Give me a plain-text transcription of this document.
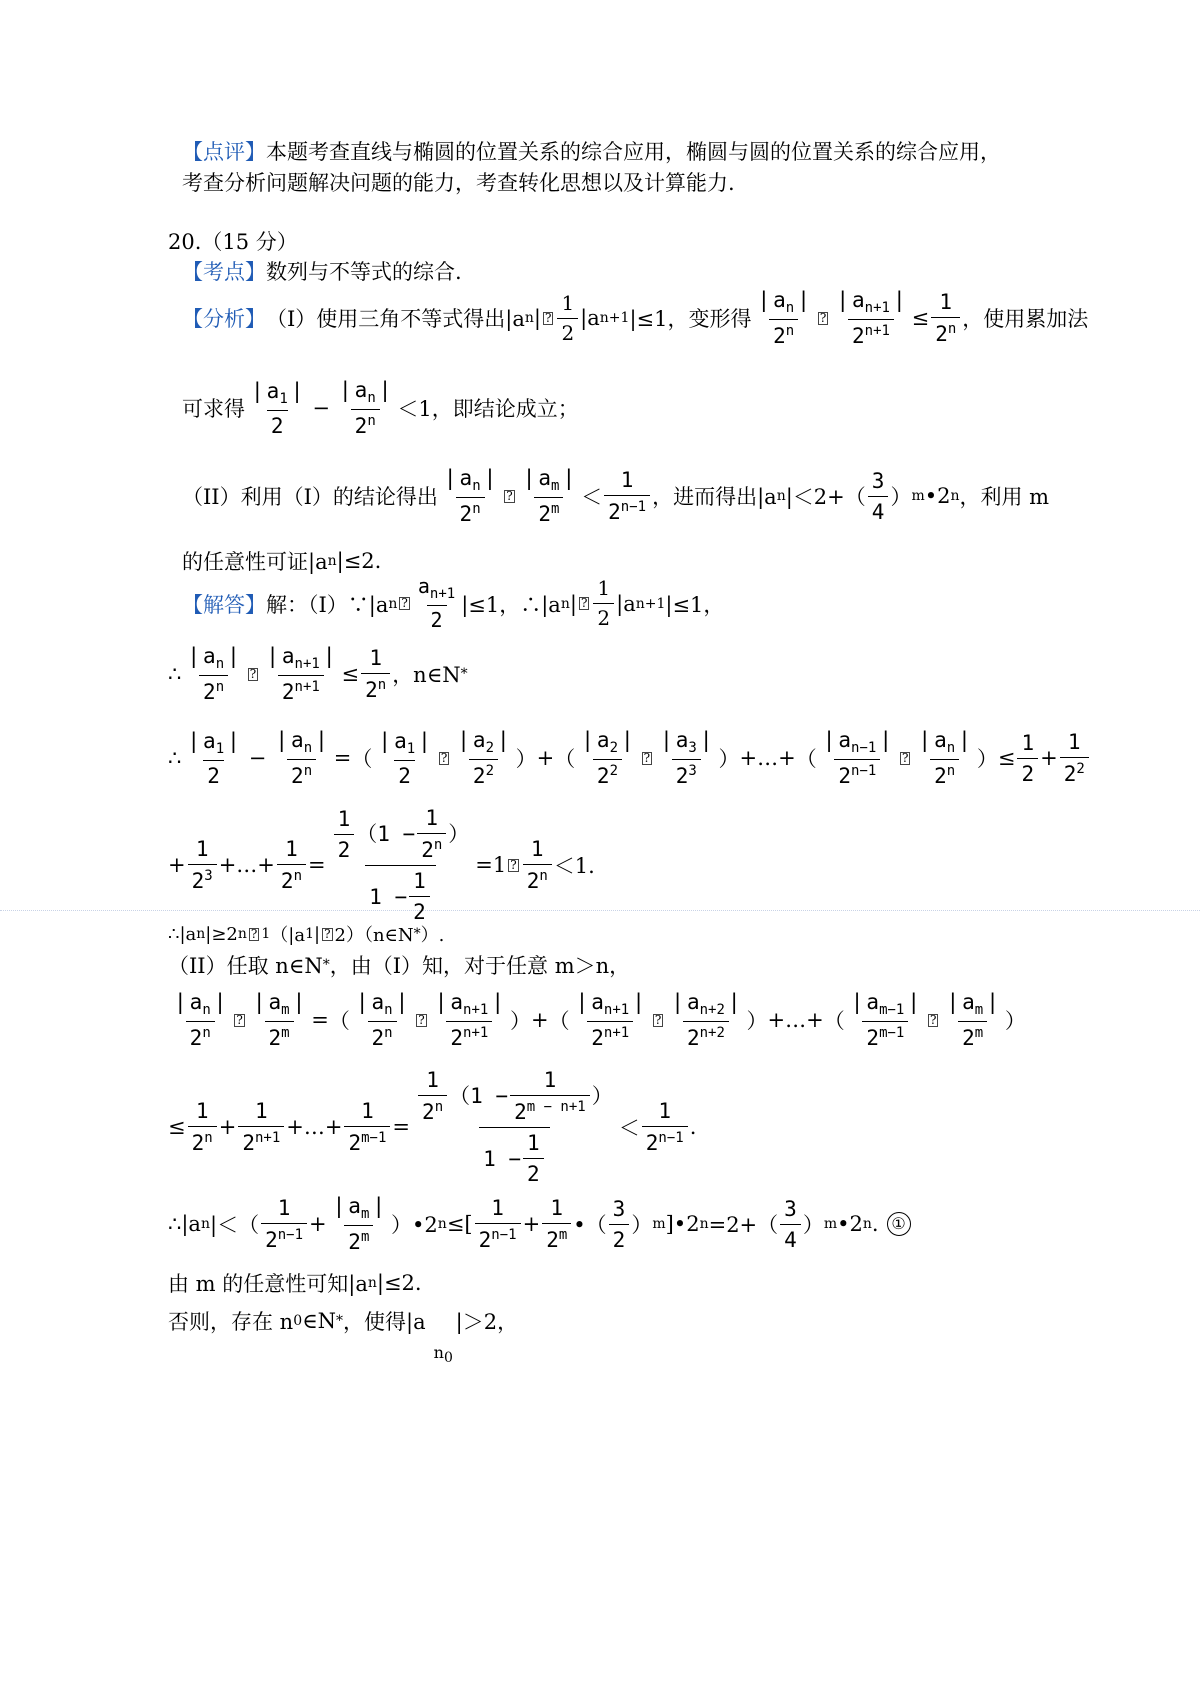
【点评】 本题考查直线与椭圆的位置关系的综合应用，椭圆与圆的位置关系的综合应用，
考查分析问题解决问题的能力，考查转化思想以及计算能力.
20.（15 分）
【考点】 数列与不等式的综合.
【分析】 （I）使用三角不等式得出|a n | ? $\frac{1}{2} |a$ n+1 |≤1，变形得
| $a_n$ |
2$^n$
? | $\frac{a_{n+1} |}{2^{n+1}} \le \frac{1}{2^n}$ ，使用累加法
可求得
| $a_1$ |
2
− | $\frac{a_n |}{2^n} <1$，即结论成立；
（II）利用（I）的结论得出
| $a_n$ |
2$^n$
?
| $a_m$ |
$2^m$
＜
1
$2^{n-1}$ ，进而得出|a n $|<2+( \frac{3}{4}$ ） m •2 n ，利用 m
的任意性可证|a n |≤2.
【解答】 解：（I）∵|a n ?
$a_{n+1}$
2
|≤1，∴|a n | ? $\frac{1}{2} |a$ n+1 |≤1，
∴
| $a_n$ |
2$^n$
? | $\frac{a_{n+1} |}{2^{n+1}} \le \frac{1}{2^n}$ ，n∈N *
∴
| $a_1$ |
2
− | $\frac{a_n |}{2^n}$ = （
| $a_1$ |
2
?
| $a_2$ |
$2^2$
） + （
| $a_2$ |
$2^2$
?
| $a_3$ |
$2^3$
） +…+ （
| $a_{n-1}$ |
$2^{n-1}$
?
| $a_n$ |
2$^n$
） ≤ $\frac{1}{2} + \frac{1}{2^2}$
+ $\frac{1}{2^3}$ +…+ $\frac{1}{2^n} = \frac{\frac{1}{2} ( 1 - \frac{1}{2^n} )}{1 - \frac{1}{2}} =1$ ?
1
$2^n <1$.
∴|a n |≥2 n ? 1 （|a 1 | ? 2）（n∈N * ）.
（II）任取 n∈N * ，由（I）知，对于任意 m＞n，
| $a_n$ |
2$^n$
? | $\frac{a_m |}{2^m}$ = （
| $a_n$ |
2$^n$
?
| $a_{n+1}$ |
$2^{n+1}$
） + （
| $a_{n+1}$ |
$2^{n+1}$
?
| $a_{n+2}$ |
$2^{n+2}$
） +…+ （
| $a_{m-1}$ |
$2^{m-1}$
?
| $a_m$ |
2$^m$
）
≤ $\frac{1}{2^n} + \frac{1}{2^{n+1}}$ +…+ $\frac{1}{2^{m-1}} = 1$
2$^n$ （ $1 - \frac{1}{2^{m - n+1}}$ ）
$1 - \frac{1}{2}$ ＜
1
$2^{n-1}$ .
∴|a n |＜（
1
$2^{n-1}$ + | $\frac{a_m |}{2^m}$ ）•2 n ≤[
1
$2^{n-1} + \frac{1}{2^m}$ •（ $\frac{3}{2}$ ） m ]•2 $n =2+( \frac{3}{4}$ ） m •2 n . ①
由 m 的任意性可知|a n |≤2.
否则，存在 n 0 ∈N * ，使得|a
$n_0$
|＞2，
